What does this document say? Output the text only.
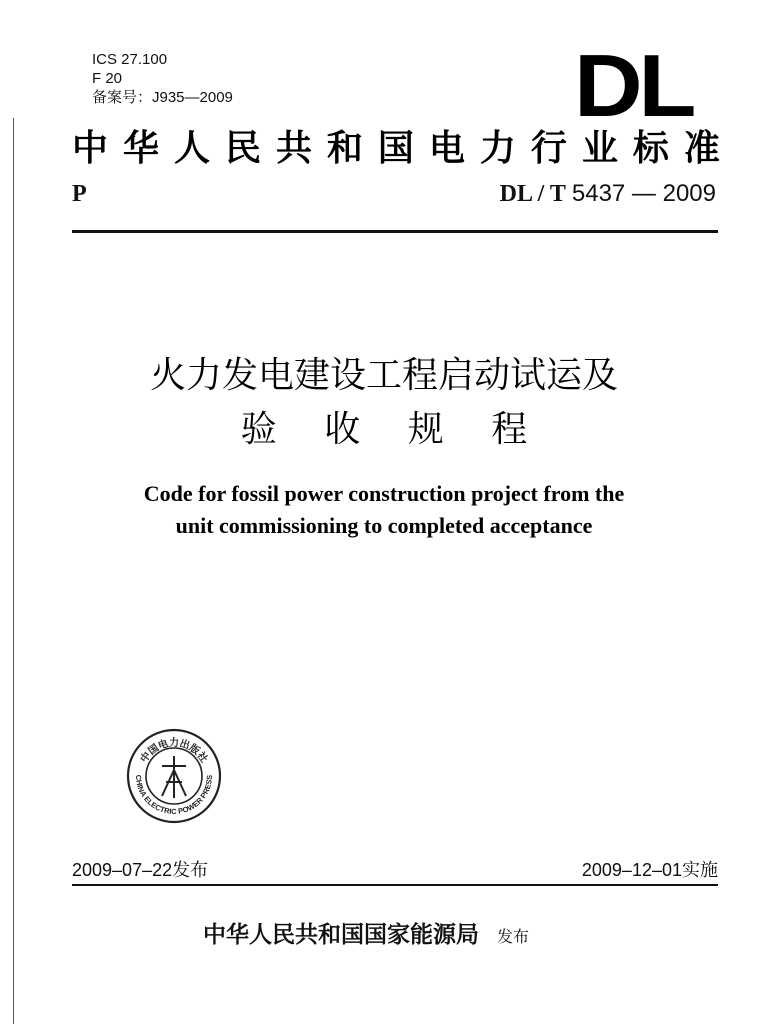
ICS 27.100
F 20
备案号：J935—2009	DL
中 华 人 民 共 和 国 电 力 行 业 标 准
P	DL / T 5437 — 2009
火力发电建设工程启动试运及
验  收  规  程
Code for fossil power construction project from the
unit commissioning to completed acceptance
中国电力出版社
CHINA ELECTRIC POWER PRESS
2009–07–22发布	2009–12–01实施
中华人民共和国国家能源局 发布
